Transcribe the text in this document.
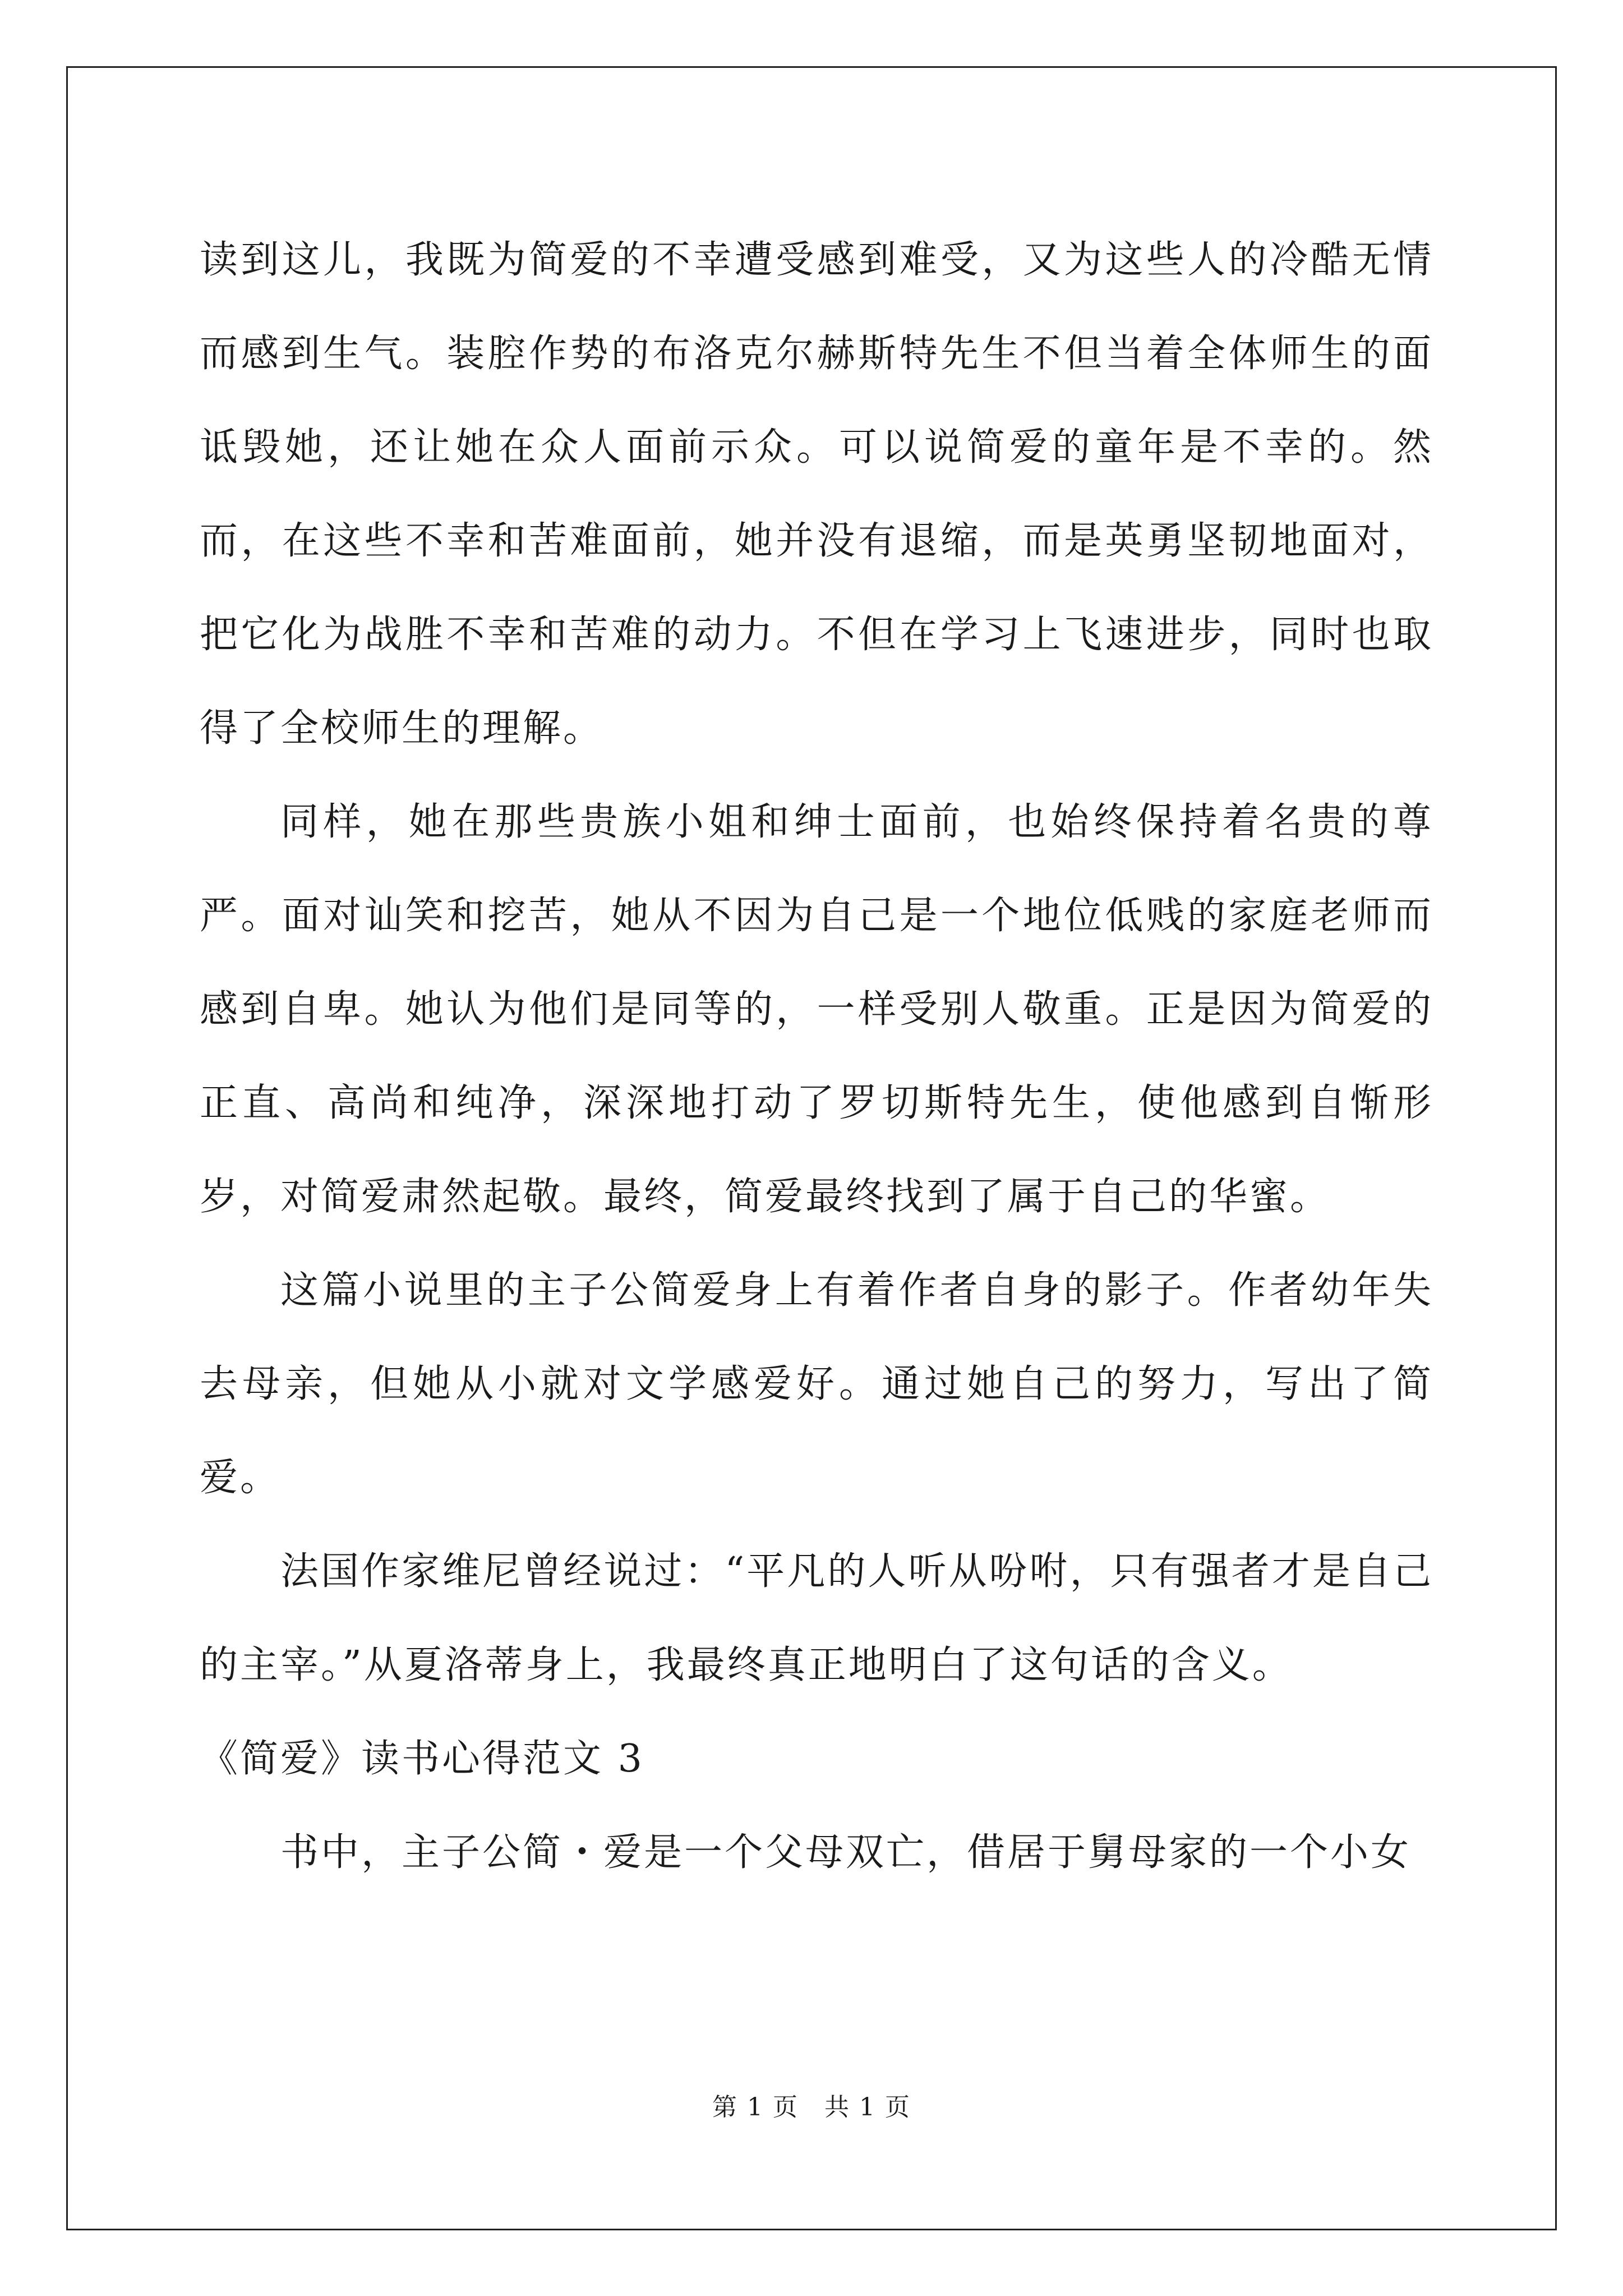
读到这儿，我既为简爱的不幸遭受感到难受，又为这些人的冷酷无情而感到生气。装腔作势的布洛克尔赫斯特先生不但当着全体师生的面诋毁她，还让她在众人面前示众。可以说简爱的童年是不幸的。然而，在这些不幸和苦难面前，她并没有退缩，而是英勇坚韧地面对，把它化为战胜不幸和苦难的动力。不但在学习上飞速进步，同时也取得了全校师生的理解。

同样，她在那些贵族小姐和绅士面前，也始终保持着名贵的尊严。面对讪笑和挖苦，她从不因为自己是一个地位低贱的家庭老师而感到自卑。她认为他们是同等的，一样受别人敬重。正是因为简爱的正直、高尚和纯净，深深地打动了罗切斯特先生，使他感到自惭形岁，对简爱肃然起敬。最终，简爱最终找到了属于自己的华蜜。

这篇小说里的主子公简爱身上有着作者自身的影子。作者幼年失去母亲，但她从小就对文学感爱好。通过她自己的努力，写出了简爱。

法国作家维尼曾经说过：“平凡的人听从吩咐，只有强者才是自己的主宰。”从夏洛蒂身上，我最终真正地明白了这句话的含义。

《简爱》读书心得范文 3

书中，主子公简・爱是一个父母双亡，借居于舅母家的一个小女

第 1 页　共 1 页
